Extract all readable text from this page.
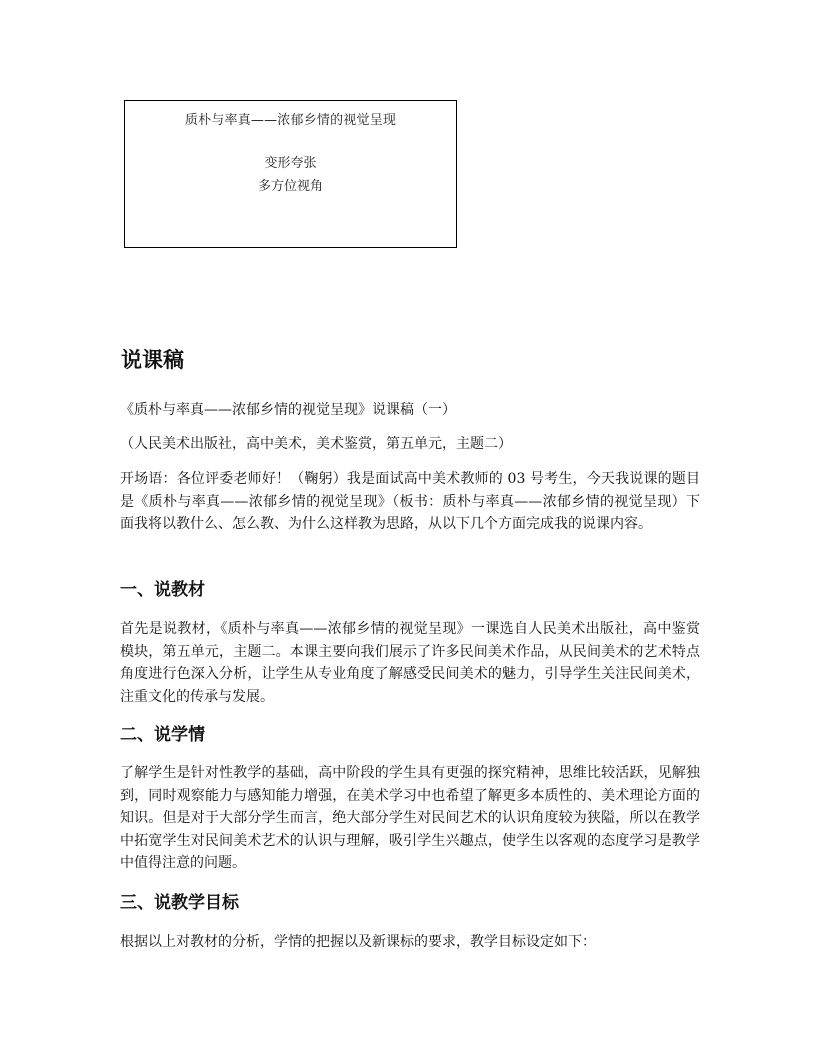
质朴与率真——浓郁乡情的视觉呈现
变形夸张
多方位视角
说课稿

《质朴与率真——浓郁乡情的视觉呈现》说课稿（一）

（人民美术出版社，高中美术，美术鉴赏，第五单元，主题二）

开场语：各位评委老师好！（鞠躬）我是面试高中美术教师的 03 号考生，今天我说课的题目是《质朴与率真——浓郁乡情的视觉呈现》（板书：质朴与率真——浓郁乡情的视觉呈现）下面我将以教什么、怎么教、为什么这样教为思路，从以下几个方面完成我的说课内容。

一、说教材

首先是说教材，《质朴与率真——浓郁乡情的视觉呈现》一课选自人民美术出版社，高中鉴赏模块，第五单元，主题二。本课主要向我们展示了许多民间美术作品，从民间美术的艺术特点角度进行色深入分析，让学生从专业角度了解感受民间美术的魅力，引导学生关注民间美术，注重文化的传承与发展。

二、说学情

了解学生是针对性教学的基础，高中阶段的学生具有更强的探究精神，思维比较活跃，见解独到，同时观察能力与感知能力增强，在美术学习中也希望了解更多本质性的、美术理论方面的知识。但是对于大部分学生而言，绝大部分学生对民间艺术的认识角度较为狭隘，所以在教学中拓宽学生对民间美术艺术的认识与理解，吸引学生兴趣点，使学生以客观的态度学习是教学中值得注意的问题。

三、说教学目标

根据以上对教材的分析，学情的把握以及新课标的要求，教学目标设定如下：
